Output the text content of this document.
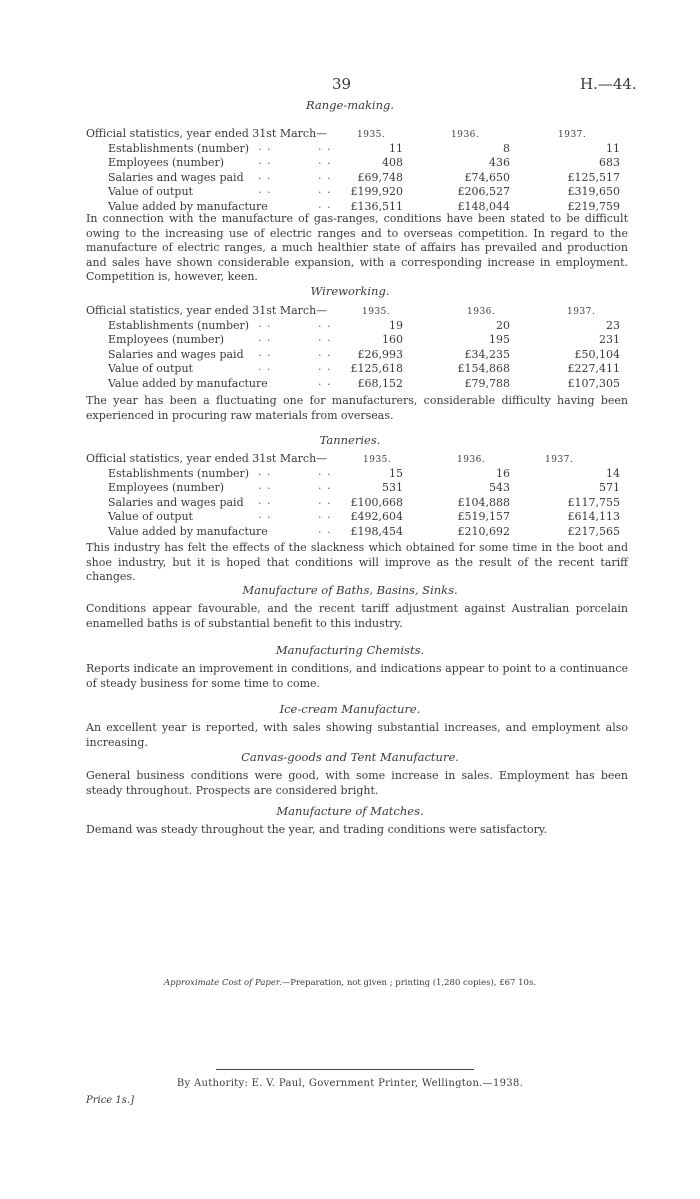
39	H.—44.
Range-making.
Official statistics, year ended 31st March—	1935.	1936.	1937.
Establishments (number) . .	. .	11	8	11
Employees (number)	. .	. .	408	436	683
Salaries and wages paid . .	. .	£69,748	£74,650	£125,517
Value of output	. .	. .	£199,920	£206,527	£319,650
Value added by manufacture	. .	£136,511	£148,044	£219,759
In connection with the manufacture of gas-ranges, conditions have been stated to be difficult owing to the increasing use of electric ranges and to overseas competition. In regard to the manufacture of electric ranges, a much healthier state of affairs has prevailed and production and sales have shown considerable expansion, with a corresponding increase in employment. Competition is, however, keen.
Wireworking.
Official statistics, year ended 31st March—	1935.	1936.	1937.
Establishments (number) . .	. .	19	20	23
Employees (number)	. .	. .	160	195	231
Salaries and wages paid . .	. .	£26,993	£34,235	£50,104
Value of output	. .	. .	£125,618	£154,868	£227,411
Value added by manufacture	. .	£68,152	£79,788	£107,305
The year has been a fluctuating one for manufacturers, considerable difficulty having been experienced in procuring raw materials from overseas.
Tanneries.
Official statistics, year ended 31st March—	1935.	1936.	1937.
Establishments (number) . .	. .	15	16	14
Employees (number)	. .	. .	531	543	571
Salaries and wages paid . .	. .	£100,668	£104,888	£117,755
Value of output	. .	. .	£492,604	£519,157	£614,113
Value added by manufacture	. .	£198,454	£210,692	£217,565
This industry has felt the effects of the slackness which obtained for some time in the boot and shoe industry, but it is hoped that conditions will improve as the result of the recent tariff changes.
Manufacture of Baths, Basins, Sinks.
Conditions appear favourable, and the recent tariff adjustment against Australian porcelain enamelled baths is of substantial benefit to this industry.
Manufacturing Chemists.
Reports indicate an improvement in conditions, and indications appear to point to a continuance of steady business for some time to come.
Ice-cream Manufacture.
An excellent year is reported, with sales showing substantial increases, and employment also increasing.
Canvas-goods and Tent Manufacture.
General business conditions were good, with some increase in sales. Employment has been steady throughout. Prospects are considered bright.
Manufacture of Matches.
Demand was steady throughout the year, and trading conditions were satisfactory.
Approximate Cost of Paper.—Preparation, not given ; printing (1,280 copies), £67 10s.
By Authority: E. V. Paul, Government Printer, Wellington.—1938.
Price 1s.]
